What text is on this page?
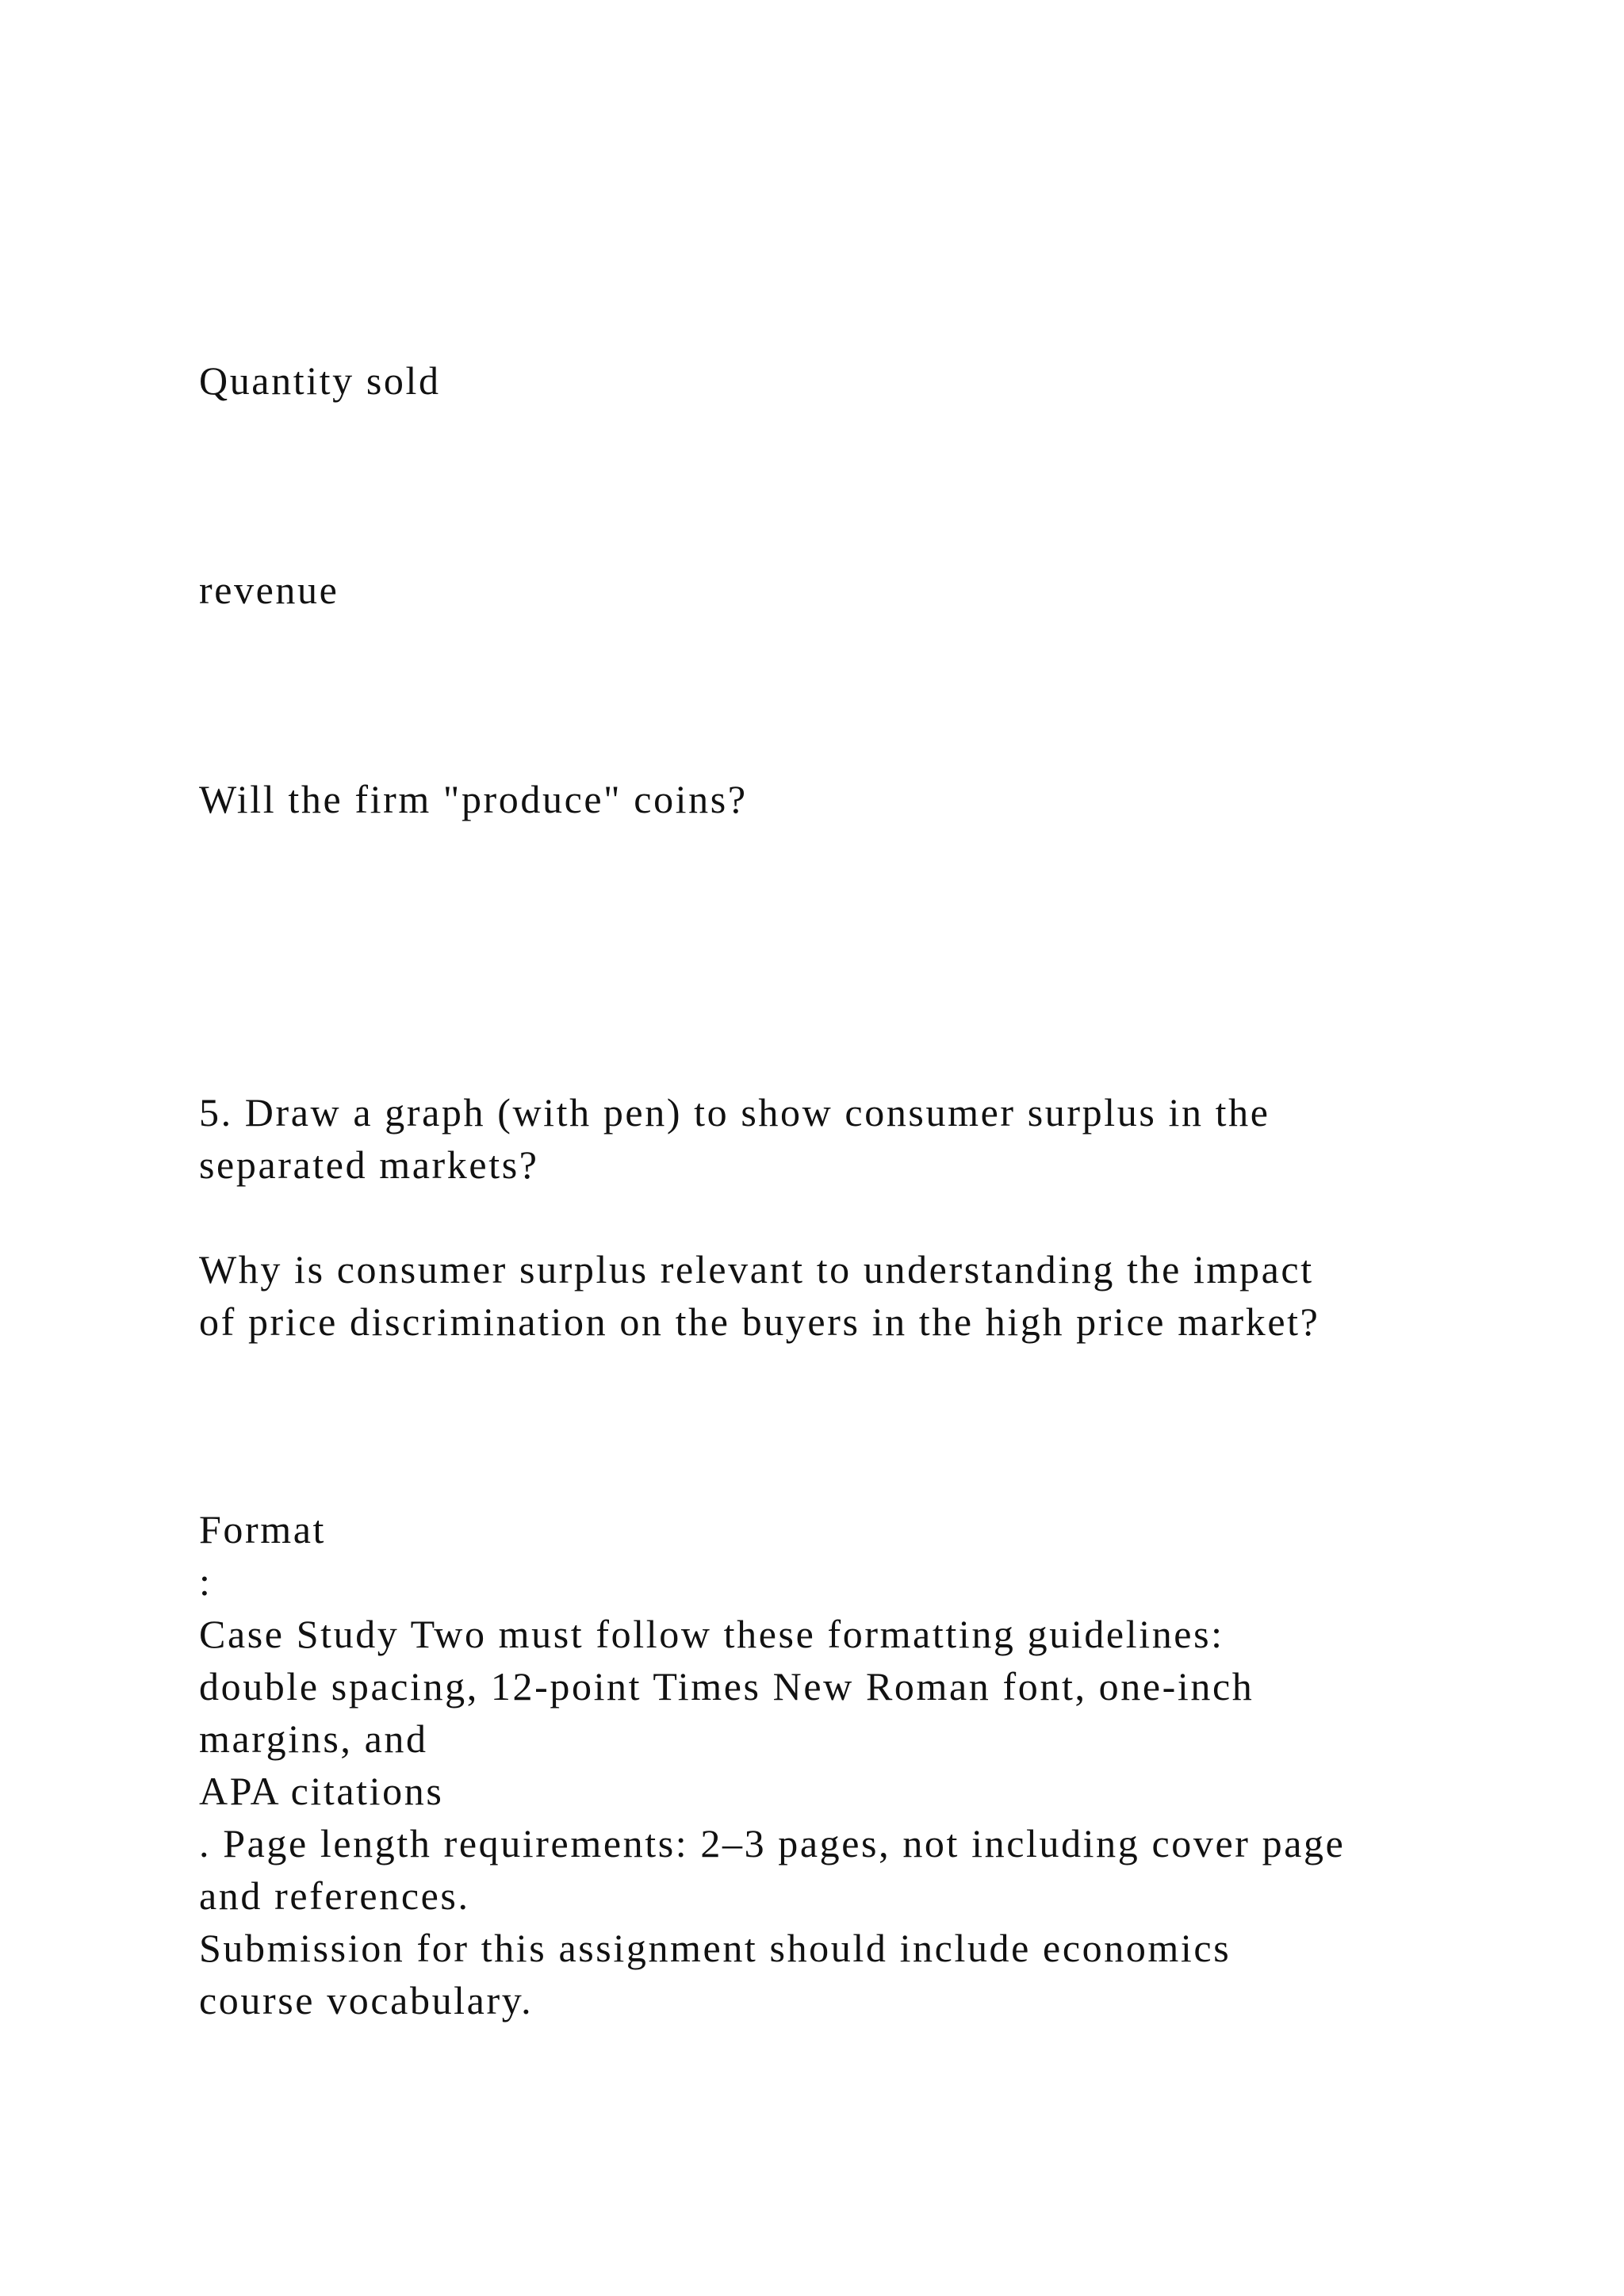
Quantity sold

revenue

Will the firm "produce" coins?

5. Draw a graph (with pen) to show consumer surplus in the

separated markets?

Why is consumer surplus relevant to understanding the impact

of price discrimination on the buyers in the high price market?

Format

:

Case Study Two must follow these formatting guidelines:

double spacing, 12-point Times New Roman font, one-inch

margins, and

APA citations

. Page length requirements: 2–3 pages, not including cover page

and references.

Submission for this assignment should include economics

course vocabulary.
